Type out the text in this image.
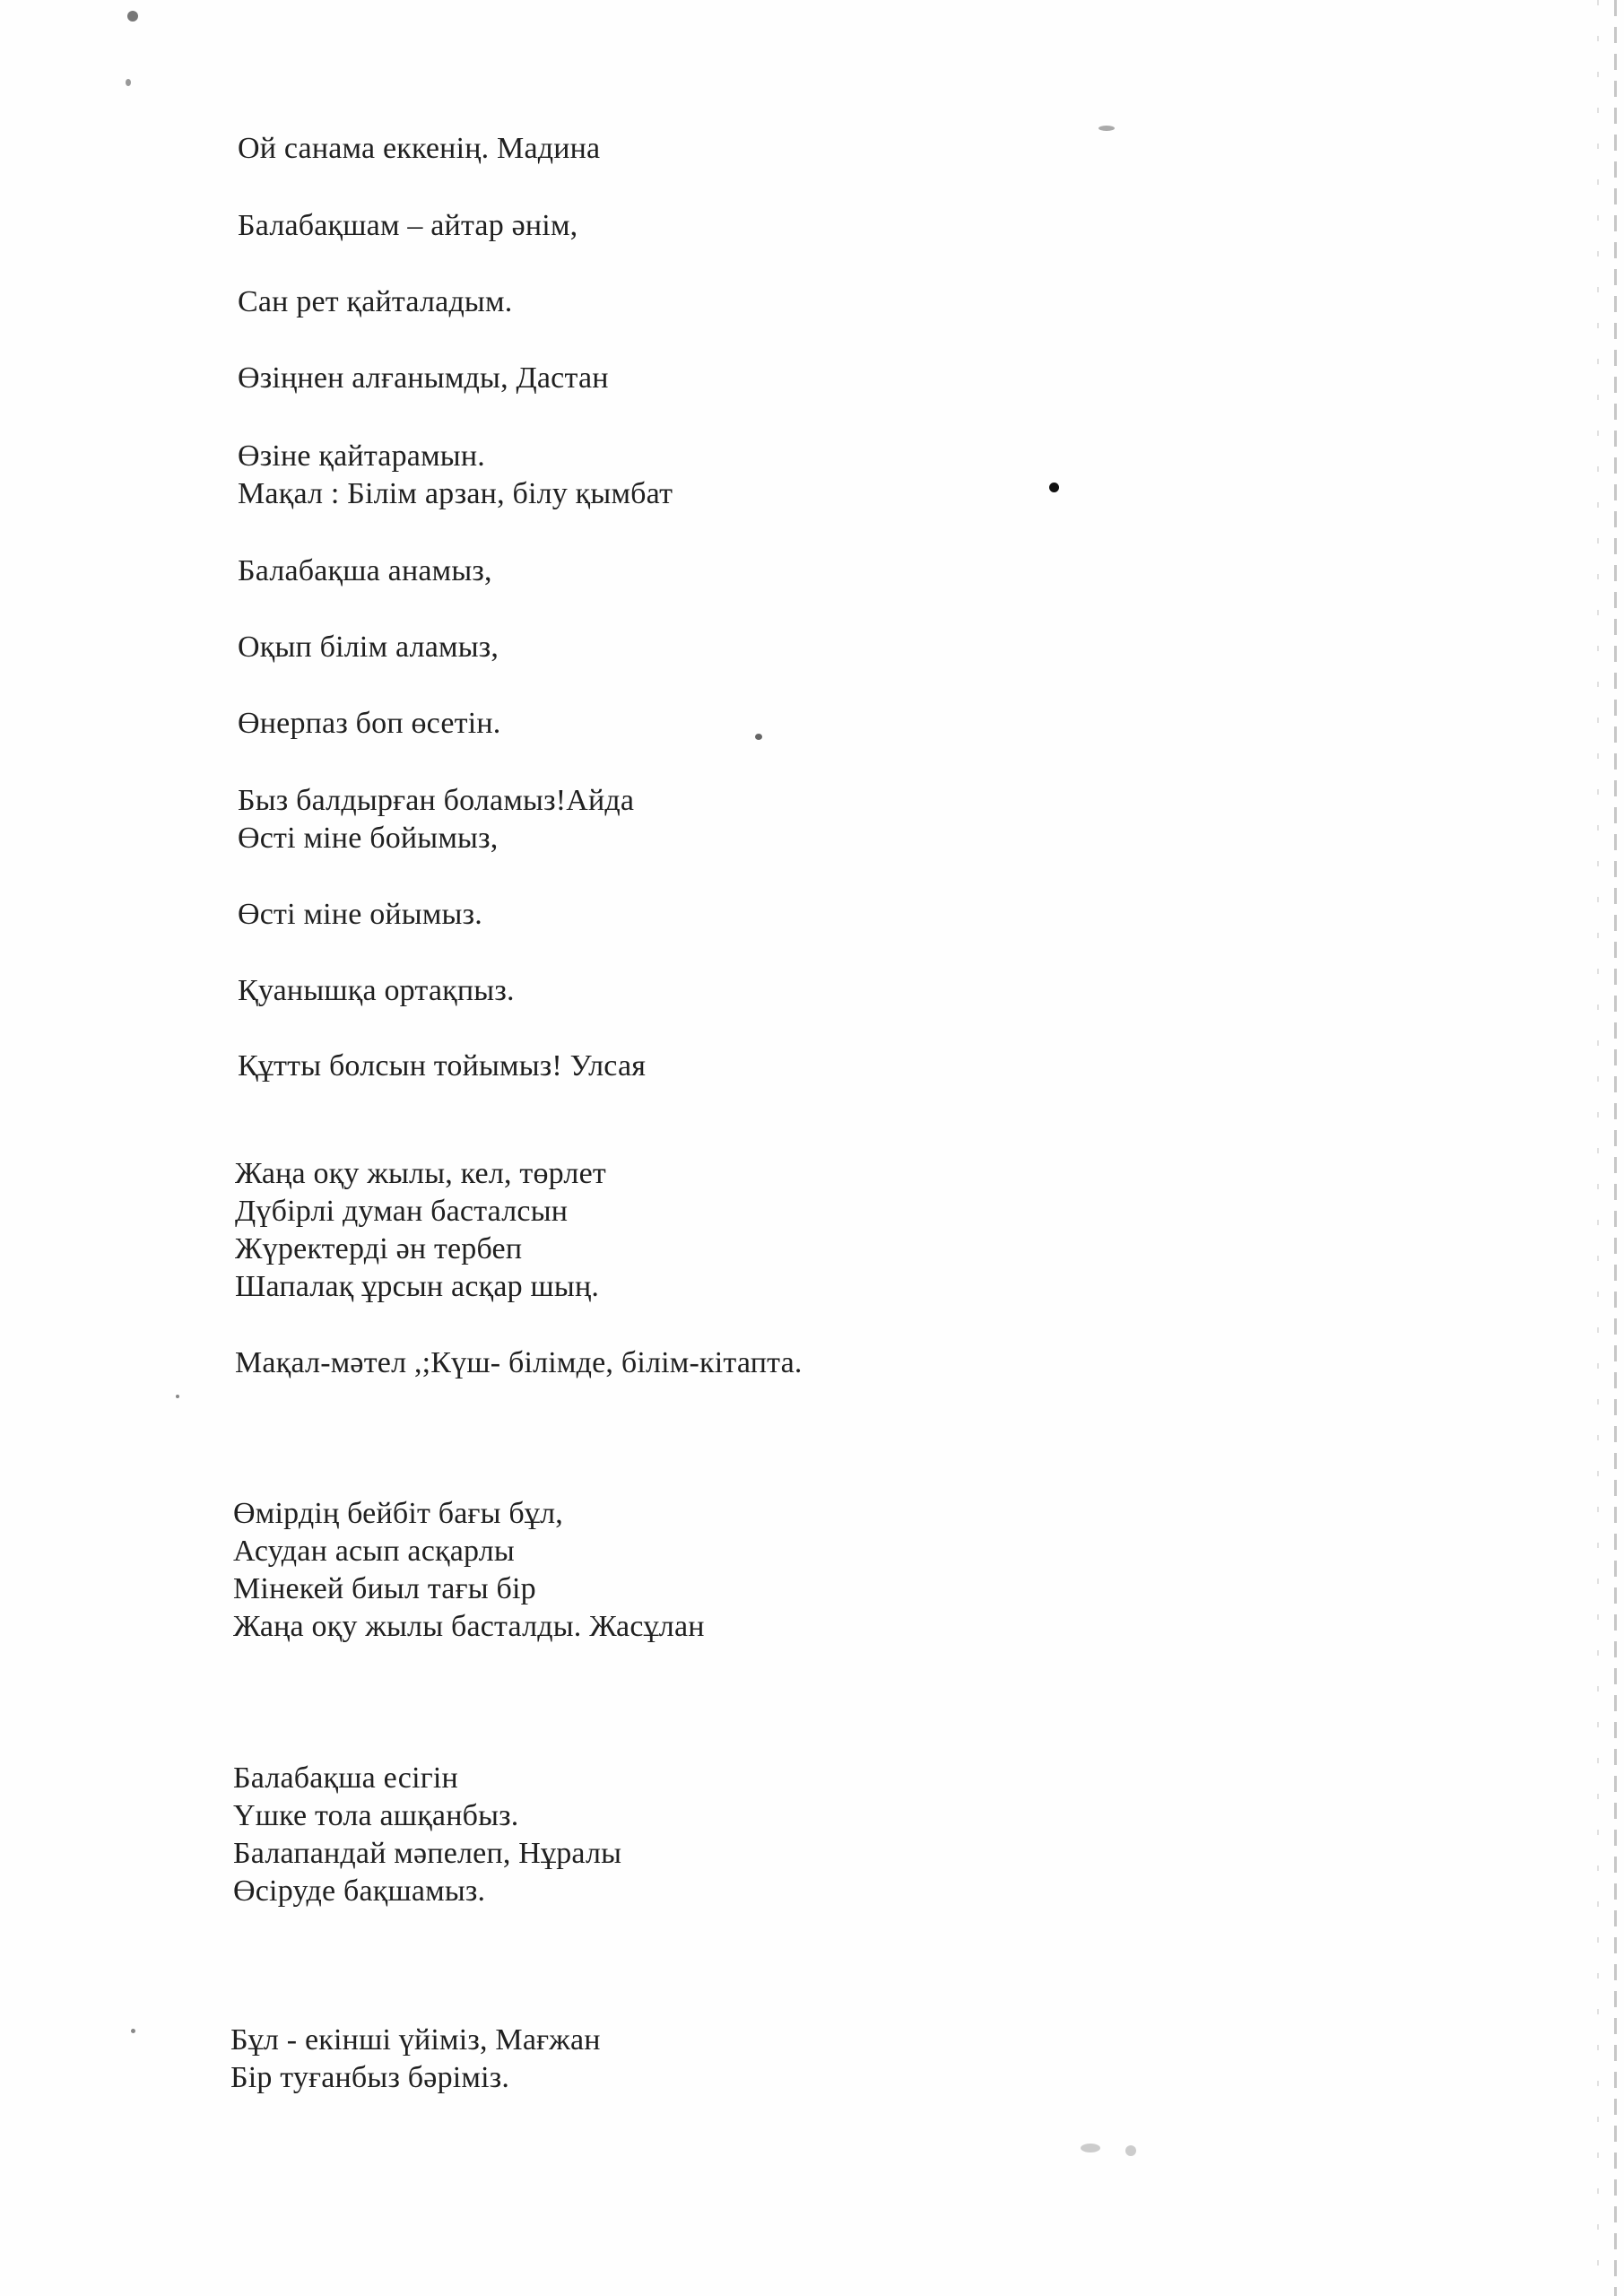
Ой санама еккенің. Мадина
Балабақшам – айтар әнім,
Сан рет қайталадым.
Өзіңнен алғанымды, Дастан
Өзіне қайтарамын.
Мақал : Білім арзан, білу қымбат
Балабақша анамыз,
Оқып білім аламыз,
Өнерпаз боп өсетін.
Быз балдырған боламыз!Айда
Өсті міне бойымыз,
Өсті міне ойымыз.
Қуанышқа ортақпыз.
Құтты болсын тойымыз! Улсая
Жаңа оқу жылы, кел, төрлет
Дүбірлі думан басталсын
Жүректерді ән тербеп
Шапалақ ұрсын асқар шың.
Мақал-мәтел ,;Күш- білімде, білім-кітапта.
Өмірдің бейбіт бағы бұл,
Асудан асып асқарлы
Мінекей биыл тағы бір
Жаңа оқу жылы басталды. Жасұлан
Балабақша есігін
Үшке тола ашқанбыз.
Балапандай мәпелеп, Нұралы
Өсіруде бақшамыз.
Бұл - екінші үйіміз, Мағжан
Бір туғанбыз бәріміз.
